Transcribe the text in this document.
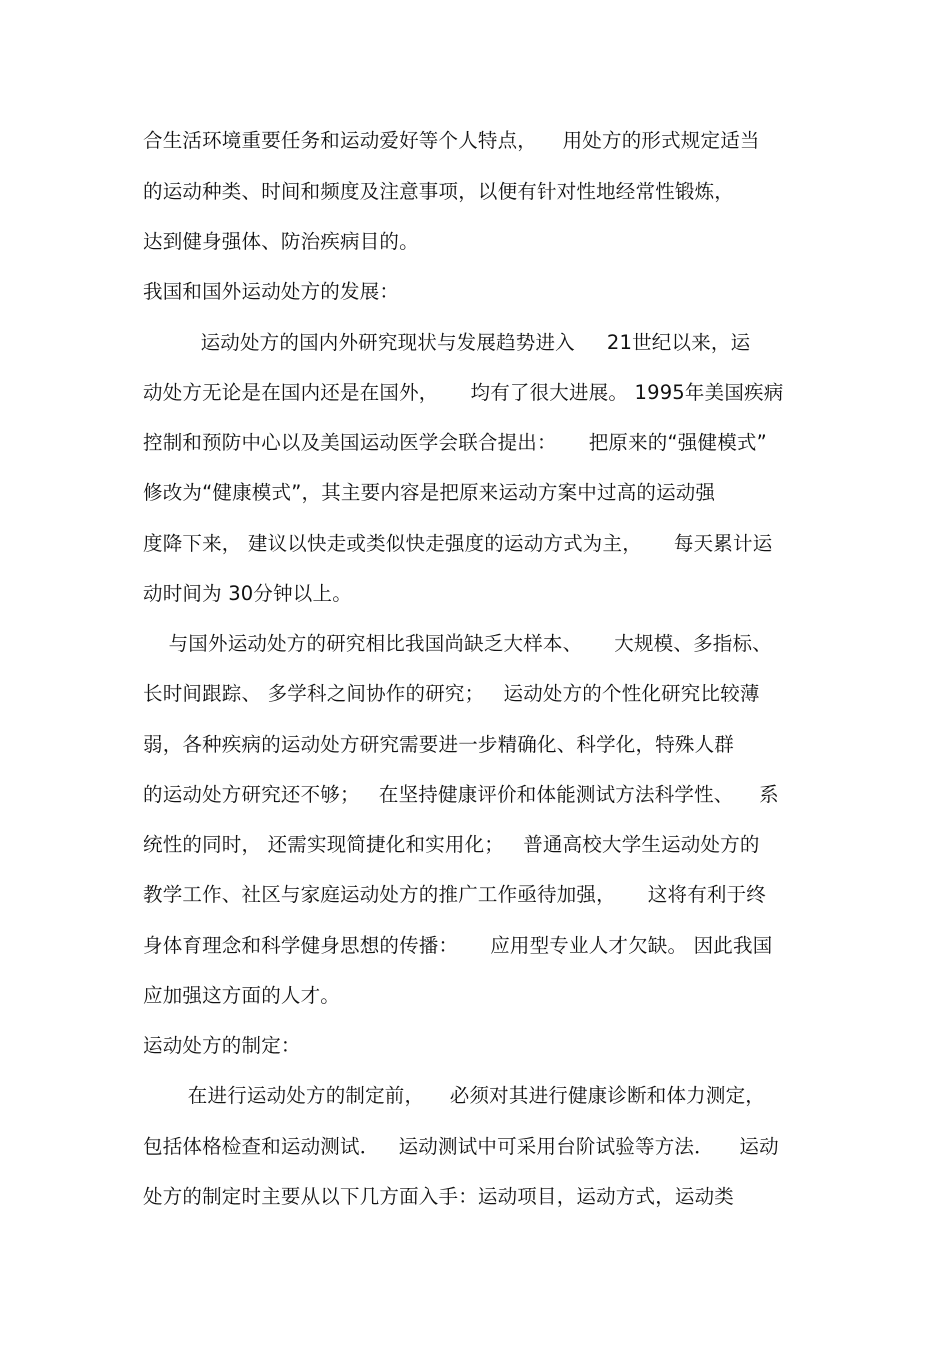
合生活环境重要任务和运动爱好等个人特点，    用处方的形式规定适当
的运动种类、时间和频度及注意事项，以便有针对性地经常性锻炼，
达到健身强体、防治疾病目的。
我国和国外运动处方的发展：
运动处方的国内外研究现状与发展趋势进入     21世纪以来，运
动处方无论是在国内还是在国外，     均有了很大进展。 1995年美国疾病
控制和预防中心以及美国运动医学会联合提出：     把原来的“强健模式”
修改为“健康模式”，其主要内容是把原来运动方案中过高的运动强
度降下来， 建议以快走或类似快走强度的运动方式为主，     每天累计运
动时间为 30分钟以上。
与国外运动处方的研究相比我国尚缺乏大样本、     大规模、多指标、
长时间跟踪、 多学科之间协作的研究；   运动处方的个性化研究比较薄
弱，各种疾病的运动处方研究需要进一步精确化、科学化，特殊人群
的运动处方研究还不够；   在坚持健康评价和体能测试方法科学性、    系
统性的同时， 还需实现简捷化和实用化；   普通高校大学生运动处方的
教学工作、社区与家庭运动处方的推广工作亟待加强，     这将有利于终
身体育理念和科学健身思想的传播：     应用型专业人才欠缺。 因此我国
应加强这方面的人才。
运动处方的制定：
在进行运动处方的制定前，    必须对其进行健康诊断和体力测定，
包括体格检查和运动测试．   运动测试中可采用台阶试验等方法．    运动
处方的制定时主要从以下几方面入手：运动项目，运动方式，运动类
